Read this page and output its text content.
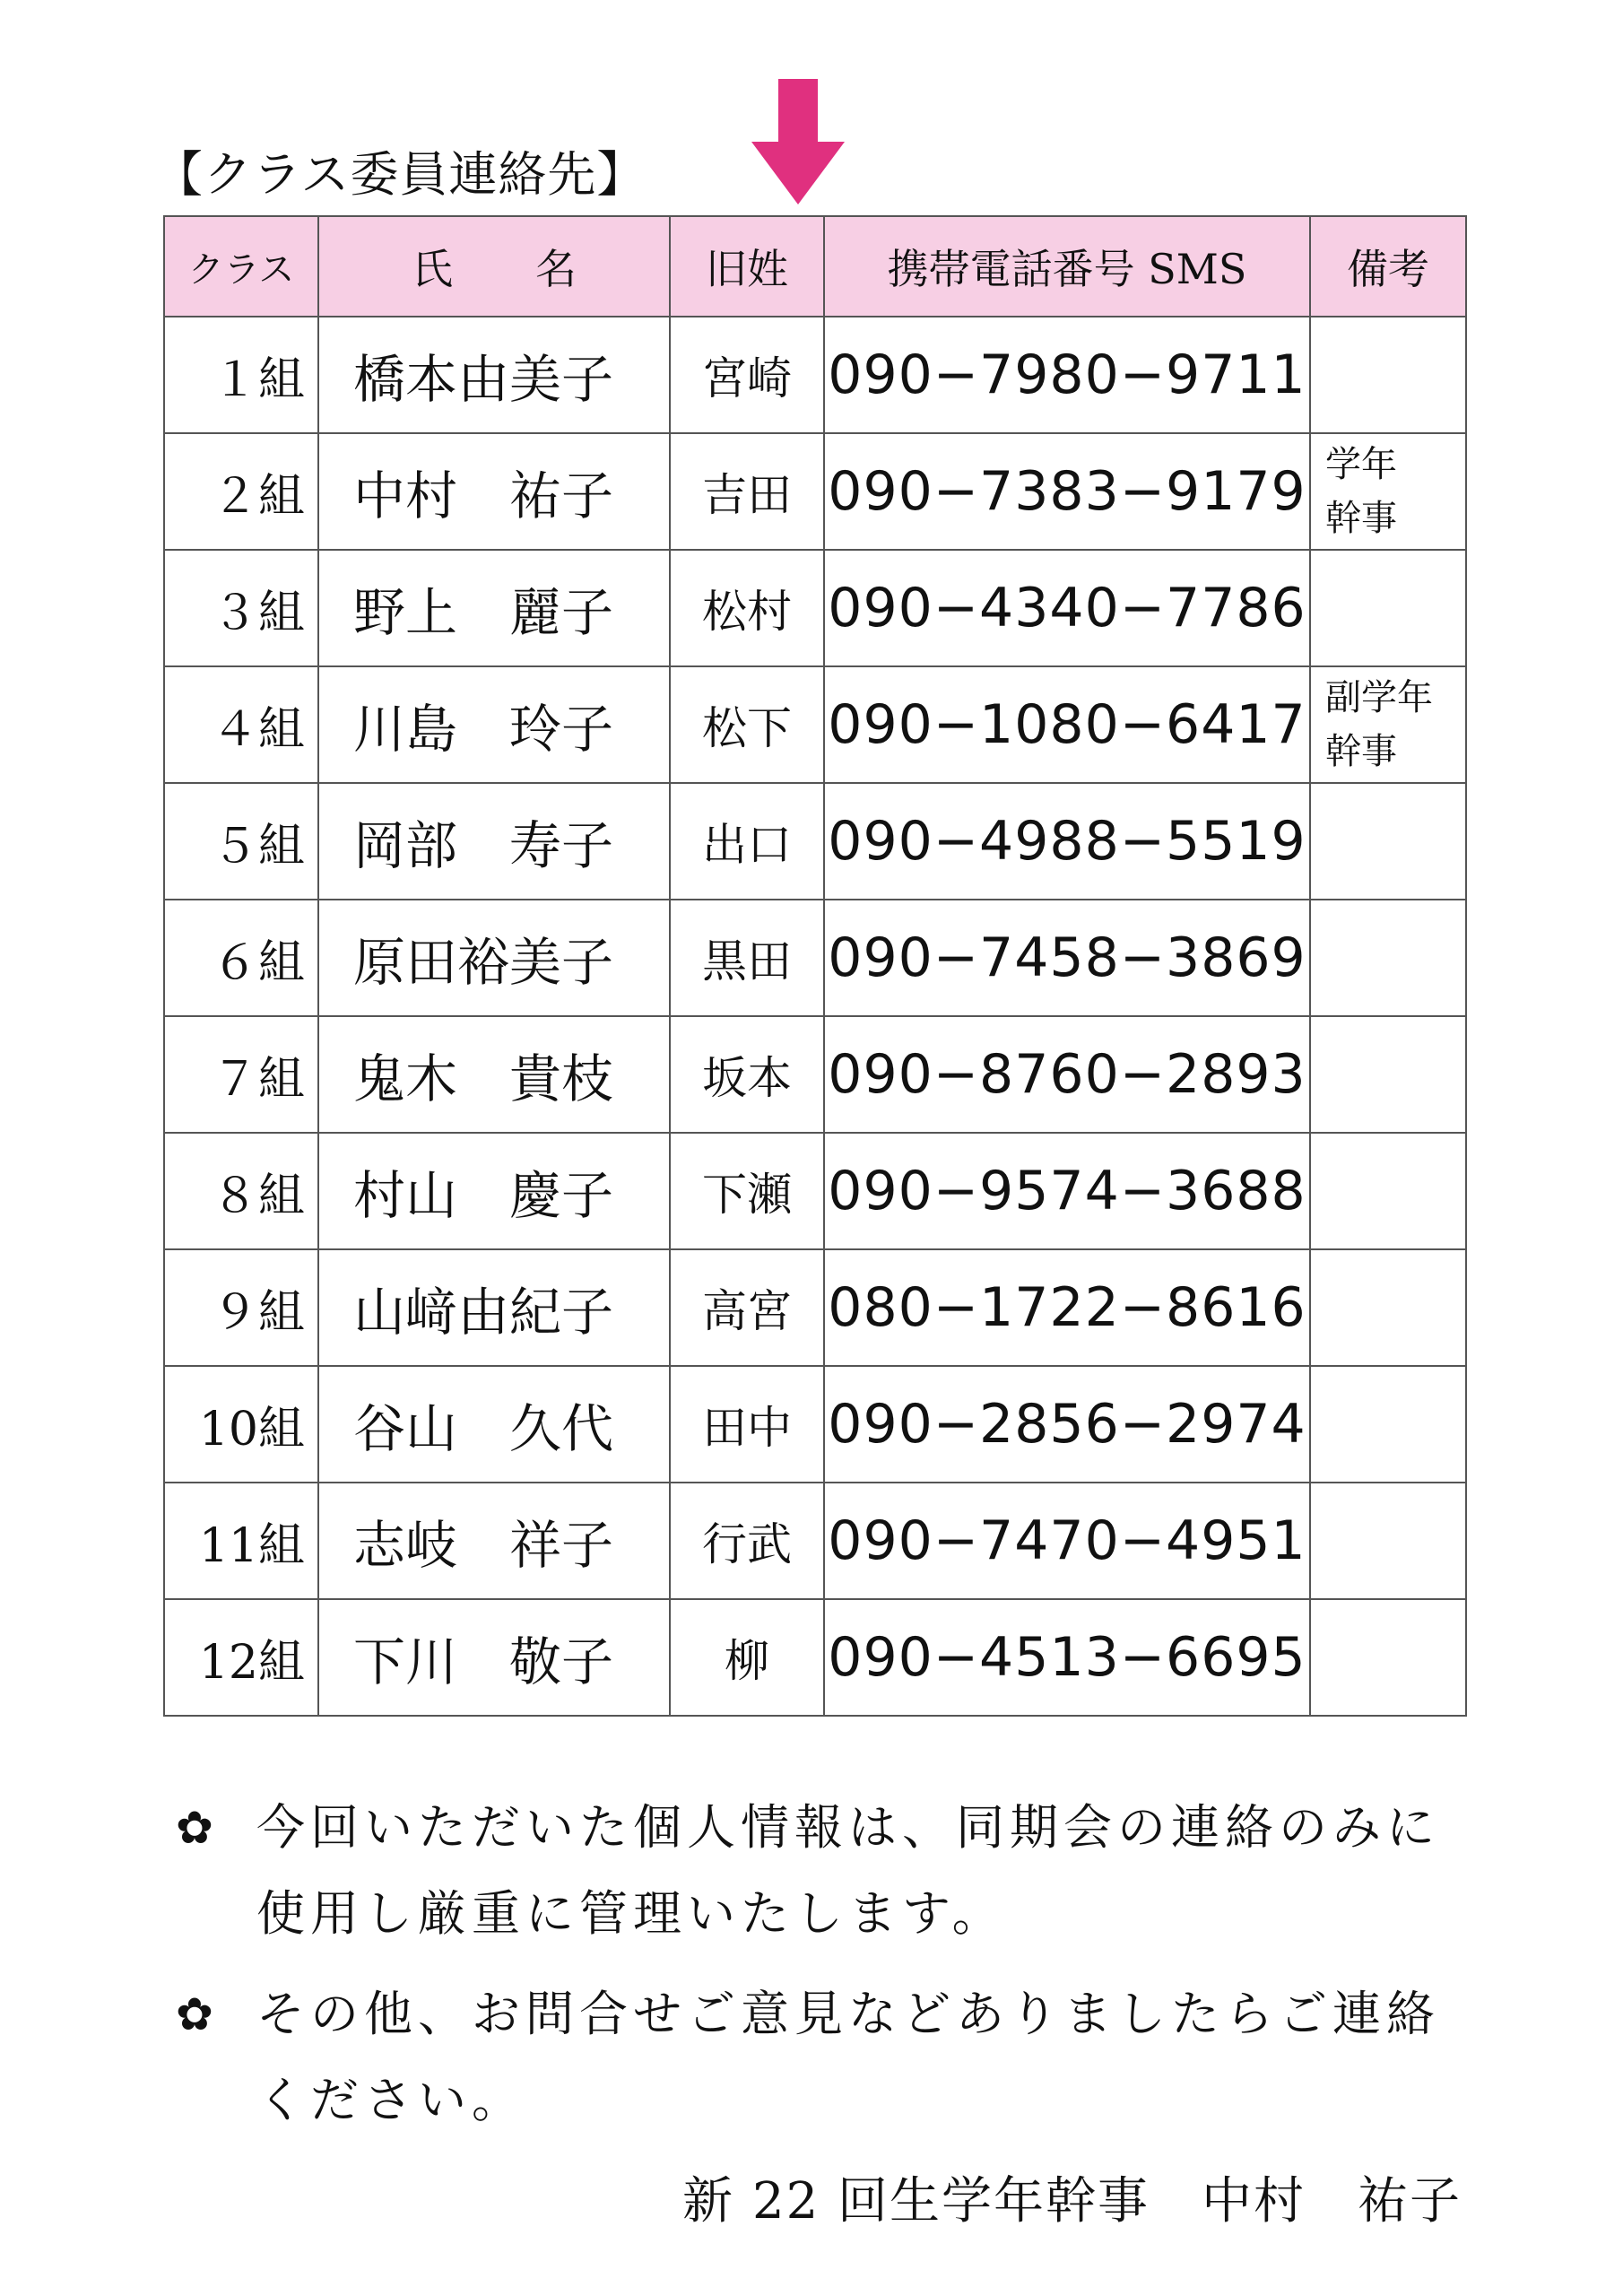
【クラス委員連絡先】
クラス	氏　　名	旧姓	携帯電話番号 SMS	備考
１組	橋本由美子	宮崎	090−7980−9711	

２組	中村　祐子	吉田	090−7383−9179	学年
幹事

３組	野上　麗子	松村	090−4340−7786	

４組	川島　玲子	松下	090−1080−6417	副学年
幹事

５組	岡部　寿子	出口	090−4988−5519	

６組	原田裕美子	黒田	090−7458−3869	

７組	鬼木　貴枝	坂本	090−8760−2893	

８組	村山　慶子	下瀬	090−9574−3688	

９組	山﨑由紀子	高宮	080−1722−8616	

10組	谷山　久代	田中	090−2856−2974	

11組	志岐　祥子	行武	090−7470−4951	

12組	下川　敬子	柳	090−4513−6695	
✿ 今回いただいた個人情報は、同期会の連絡のみに使用し厳重に管理いたします。
✿ その他、お問合せご意見などありましたらご連絡ください。
新 22 回生学年幹事　中村　祐子
